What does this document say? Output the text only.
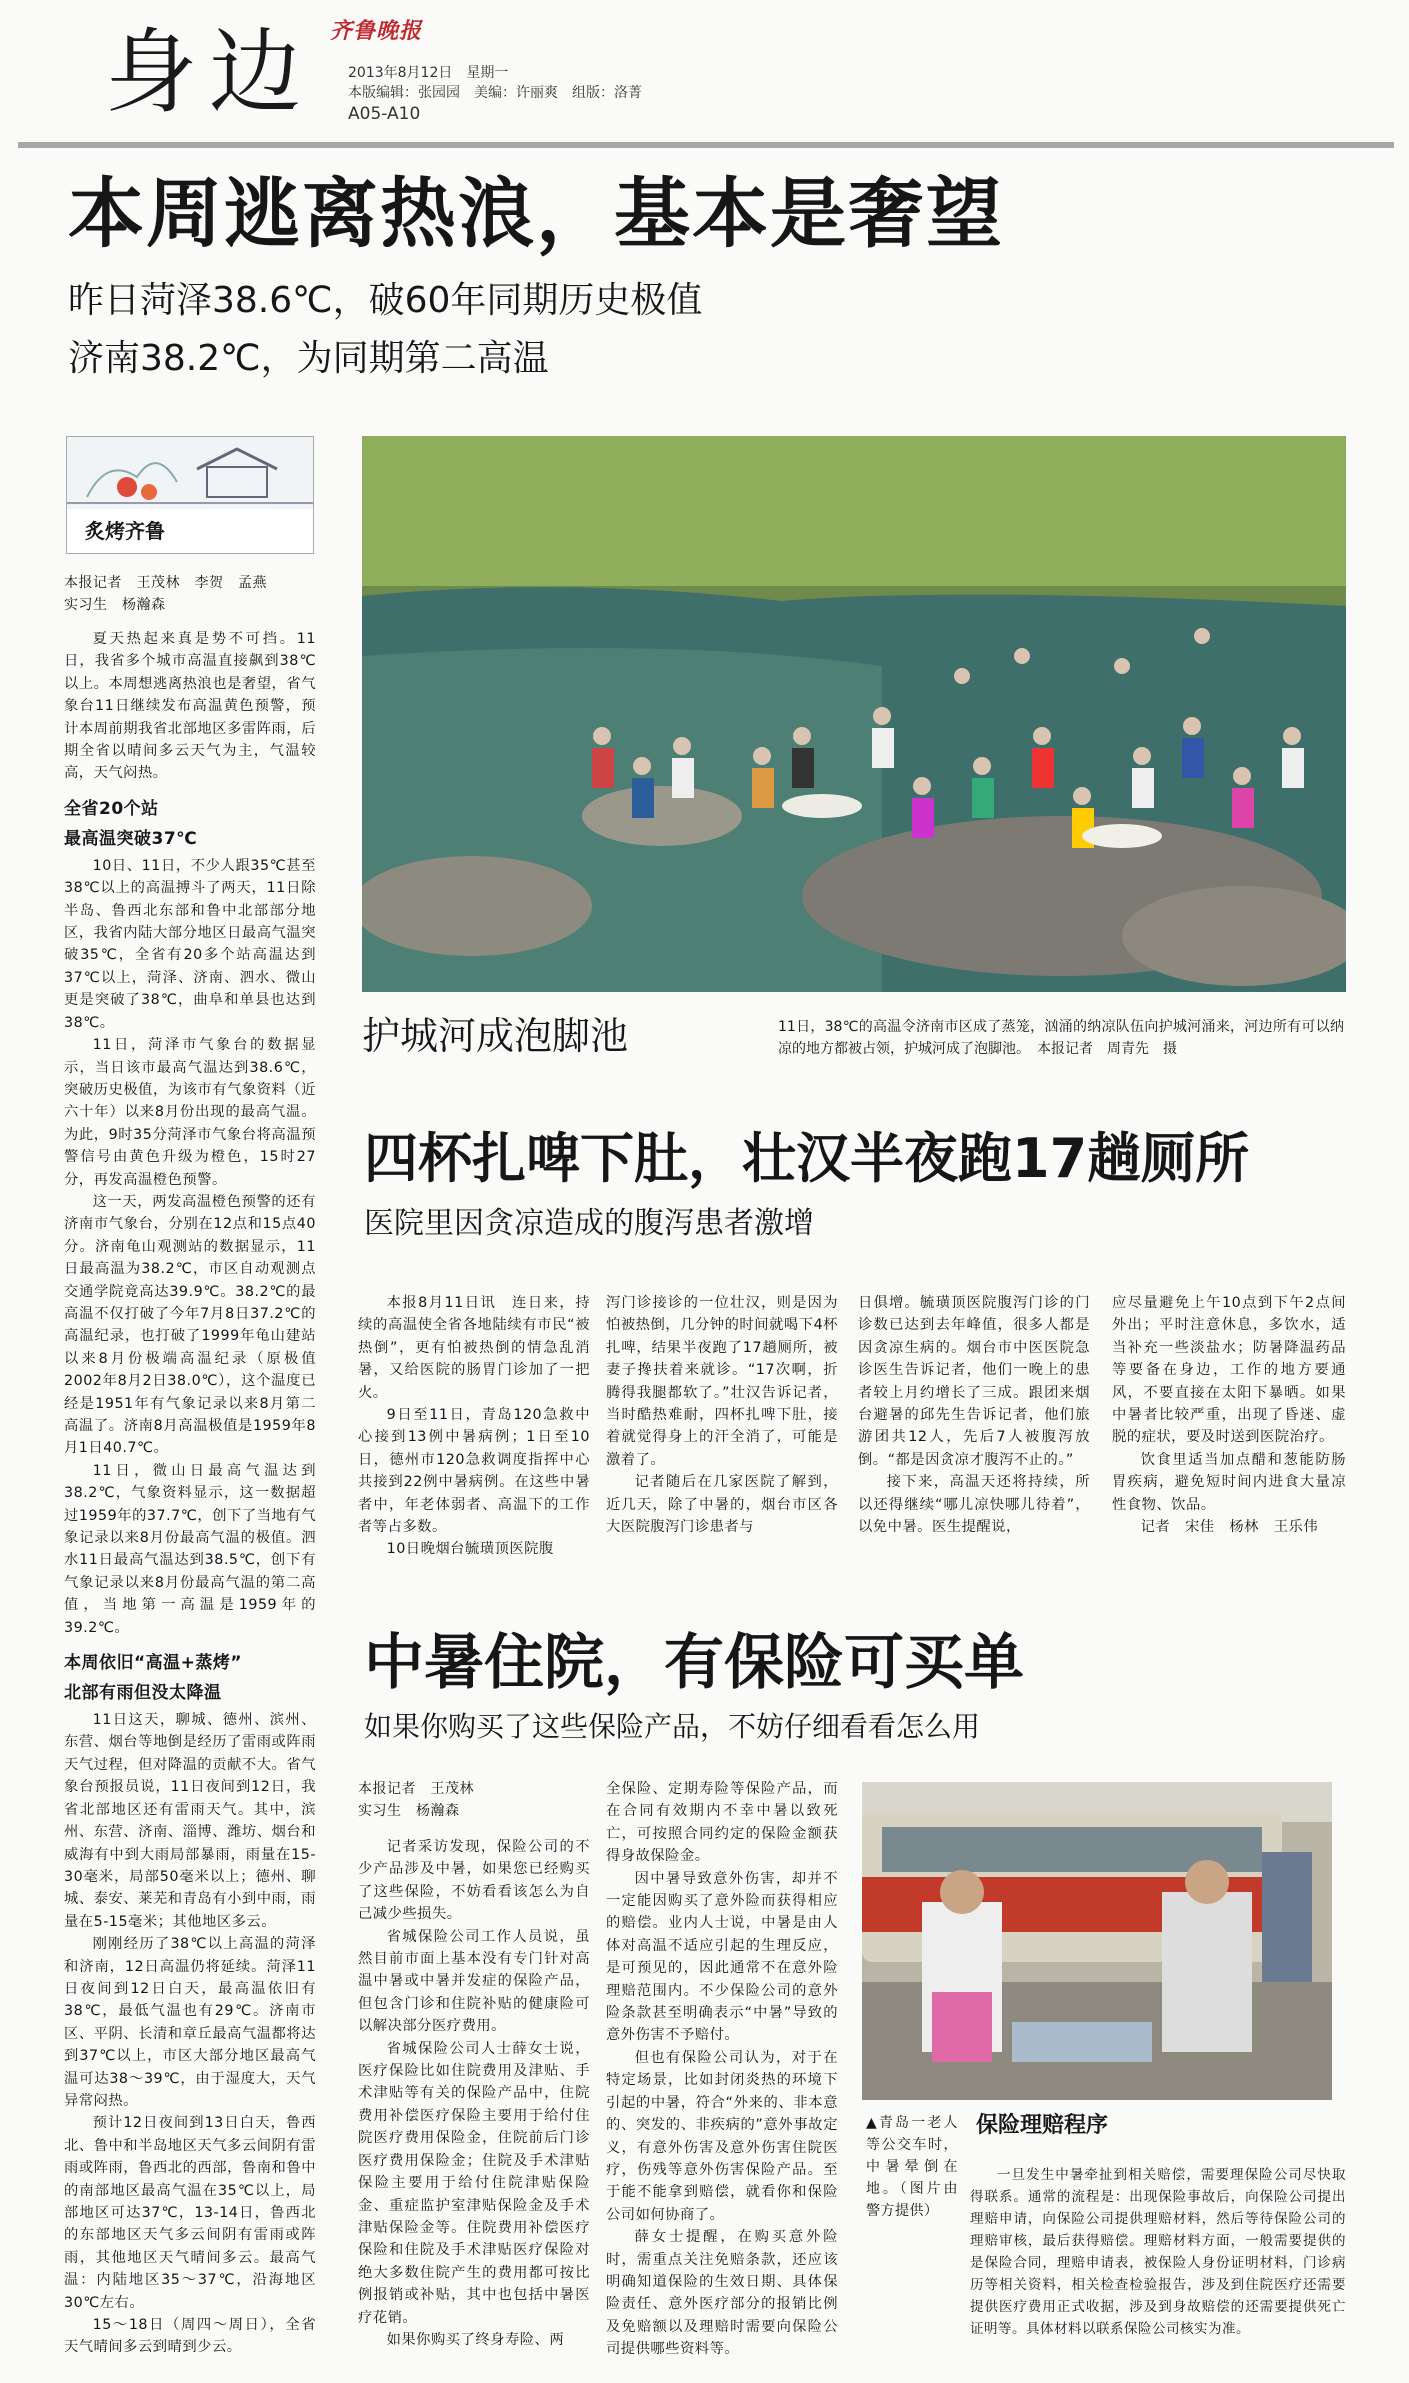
身边 齐鲁晚报
2013年8月12日　星期一
本版编辑：张园园　美编：许丽爽　组版：洛菁
A05-A10
本周逃离热浪，基本是奢望
昨日菏泽38.6℃，破60年同期历史极值
济南38.2℃，为同期第二高温
炙烤齐鲁

本报记者　王茂林　李贺　孟燕

实习生　杨瀚森

夏天热起来真是势不可挡。11日，我省多个城市高温直接飙到38℃以上。本周想逃离热浪也是奢望，省气象台11日继续发布高温黄色预警，预计本周前期我省北部地区多雷阵雨，后期全省以晴间多云天气为主，气温较高，天气闷热。

全省20个站
最高温突破37℃

10日、11日，不少人跟35℃甚至38℃以上的高温搏斗了两天，11日除半岛、鲁西北东部和鲁中北部部分地区，我省内陆大部分地区日最高气温突破35℃，全省有20多个站高温达到37℃以上，菏泽、济南、泗水、微山更是突破了38℃，曲阜和单县也达到38℃。

11日，菏泽市气象台的数据显示，当日该市最高气温达到38.6℃，突破历史极值，为该市有气象资料（近六十年）以来8月份出现的最高气温。为此，9时35分菏泽市气象台将高温预警信号由黄色升级为橙色，15时27分，再发高温橙色预警。

这一天，两发高温橙色预警的还有济南市气象台，分别在12点和15点40分。济南龟山观测站的数据显示，11日最高温为38.2℃，市区自动观测点交通学院竟高达39.9℃。38.2℃的最高温不仅打破了今年7月8日37.2℃的高温纪录，也打破了1999年龟山建站以来8月份极端高温纪录（原极值2002年8月2日38.0℃），这个温度已经是1951年有气象记录以来8月第二高温了。济南8月高温极值是1959年8月1日40.7℃。

11日，微山日最高气温达到38.2℃，气象资料显示，这一数据超过1959年的37.7℃，创下了当地有气象记录以来8月份最高气温的极值。泗水11日最高气温达到38.5℃，创下有气象记录以来8月份最高气温的第二高值，当地第一高温是1959年的39.2℃。

本周依旧“高温+蒸烤”
北部有雨但没太降温

11日这天，聊城、德州、滨州、东营、烟台等地倒是经历了雷雨或阵雨天气过程，但对降温的贡献不大。省气象台预报员说，11日夜间到12日，我省北部地区还有雷雨天气。其中，滨州、东营、济南、淄博、潍坊、烟台和威海有中到大雨局部暴雨，雨量在15-30毫米，局部50毫米以上；德州、聊城、泰安、莱芜和青岛有小到中雨，雨量在5-15毫米；其他地区多云。

刚刚经历了38℃以上高温的菏泽和济南，12日高温仍将延续。菏泽11日夜间到12日白天，最高温依旧有38℃，最低气温也有29℃。济南市区、平阴、长清和章丘最高气温都将达到37℃以上，市区大部分地区最高气温可达38～39℃，由于湿度大，天气异常闷热。

预计12日夜间到13日白天，鲁西北、鲁中和半岛地区天气多云间阴有雷雨或阵雨，鲁西北的西部，鲁南和鲁中的南部地区最高气温在35℃以上，局部地区可达37℃，13-14日，鲁西北的东部地区天气多云间阴有雷雨或阵雨，其他地区天气晴间多云。最高气温：内陆地区35～37℃，沿海地区30℃左右。

15～18日（周四～周日），全省天气晴间多云到晴到少云。

护城河成泡脚池	11日，38℃的高温令济南市区成了蒸笼，汹涌的纳凉队伍向护城河涌来，河边所有可以纳凉的地方都被占领，护城河成了泡脚池。　本报记者　周青先　摄
四杯扎啤下肚，壮汉半夜跑17趟厕所
医院里因贪凉造成的腹泻患者激增

本报8月11日讯　连日来，持续的高温使全省各地陆续有市民“被热倒”，更有怕被热倒的情急乱消暑，又给医院的肠胃门诊加了一把火。

9日至11日，青岛120急救中心接到13例中暑病例；1日至10日，德州市120急救调度指挥中心共接到22例中暑病例。在这些中暑者中，年老体弱者、高温下的工作者等占多数。

10日晚烟台毓璜顶医院腹

泻门诊接诊的一位壮汉，则是因为怕被热倒，几分钟的时间就喝下4杯扎啤，结果半夜跑了17趟厕所，被妻子搀扶着来就诊。“17次啊，折腾得我腿都软了。”壮汉告诉记者，当时酷热难耐，四杯扎啤下肚，接着就觉得身上的汗全消了，可能是激着了。

记者随后在几家医院了解到，近几天，除了中暑的，烟台市区各大医院腹泻门诊患者与

日俱增。毓璜顶医院腹泻门诊的门诊数已达到去年峰值，很多人都是因贪凉生病的。烟台市中医医院急诊医生告诉记者，他们一晚上的患者较上月约增长了三成。跟团来烟台避暑的邱先生告诉记者，他们旅游团共12人，先后7人被腹泻放倒。“都是因贪凉才腹泻不止的。”

接下来，高温天还将持续，所以还得继续“哪儿凉快哪儿待着”，以免中暑。医生提醒说，

应尽量避免上午10点到下午2点间外出；平时注意休息，多饮水，适当补充一些淡盐水；防暑降温药品等要备在身边，工作的地方要通风，不要直接在太阳下暴晒。如果中暑者比较严重，出现了昏迷、虚脱的症状，要及时送到医院治疗。

饮食里适当加点醋和葱能防肠胃疾病，避免短时间内进食大量凉性食物、饮品。

记者　宋佳　杨林　王乐伟

中暑住院，有保险可买单
如果你购买了这些保险产品，不妨仔细看看怎么用

本报记者　王茂林

实习生　杨瀚森

记者采访发现，保险公司的不少产品涉及中暑，如果您已经购买了这些保险，不妨看看该怎么为自己减少些损失。

省城保险公司工作人员说，虽然目前市面上基本没有专门针对高温中暑或中暑并发症的保险产品，但包含门诊和住院补贴的健康险可以解决部分医疗费用。

省城保险公司人士薛女士说，医疗保险比如住院费用及津贴、手术津贴等有关的保险产品中，住院费用补偿医疗保险主要用于给付住院医疗费用保险金，住院前后门诊医疗费用保险金；住院及手术津贴保险主要用于给付住院津贴保险金、重症监护室津贴保险金及手术津贴保险金等。住院费用补偿医疗保险和住院及手术津贴医疗保险对绝大多数住院产生的费用都可按比例报销或补贴，其中也包括中暑医疗花销。

如果你购买了终身寿险、两

全保险、定期寿险等保险产品，而在合同有效期内不幸中暑以致死亡，可按照合同约定的保险金额获得身故保险金。

因中暑导致意外伤害，却并不一定能因购买了意外险而获得相应的赔偿。业内人士说，中暑是由人体对高温不适应引起的生理反应，是可预见的，因此通常不在意外险理赔范围内。不少保险公司的意外险条款甚至明确表示“中暑”导致的意外伤害不予赔付。

但也有保险公司认为，对于在特定场景，比如封闭炎热的环境下引起的中暑，符合“外来的、非本意的、突发的、非疾病的”意外事故定义，有意外伤害及意外伤害住院医疗，伤残等意外伤害保险产品。至于能不能拿到赔偿，就看你和保险公司如何协商了。

薛女士提醒，在购买意外险时，需重点关注免赔条款，还应该明确知道保险的生效日期、具体保险责任、意外医疗部分的报销比例及免赔额以及理赔时需要向保险公司提供哪些资料等。

▲青岛一老人等公交车时，中暑晕倒在地。（图片由警方提供）
保险理赔程序

一旦发生中暑牵扯到相关赔偿，需要理保险公司尽快取得联系。通常的流程是：出现保险事故后，向保险公司提出理赔申请，向保险公司提供理赔材料，然后等待保险公司的理赔审核，最后获得赔偿。理赔材料方面，一般需要提供的是保险合同，理赔申请表，被保险人身份证明材料，门诊病历等相关资料，相关检查检验报告，涉及到住院医疗还需要提供医疗费用正式收据，涉及到身故赔偿的还需要提供死亡证明等。具体材料以联系保险公司核实为准。
